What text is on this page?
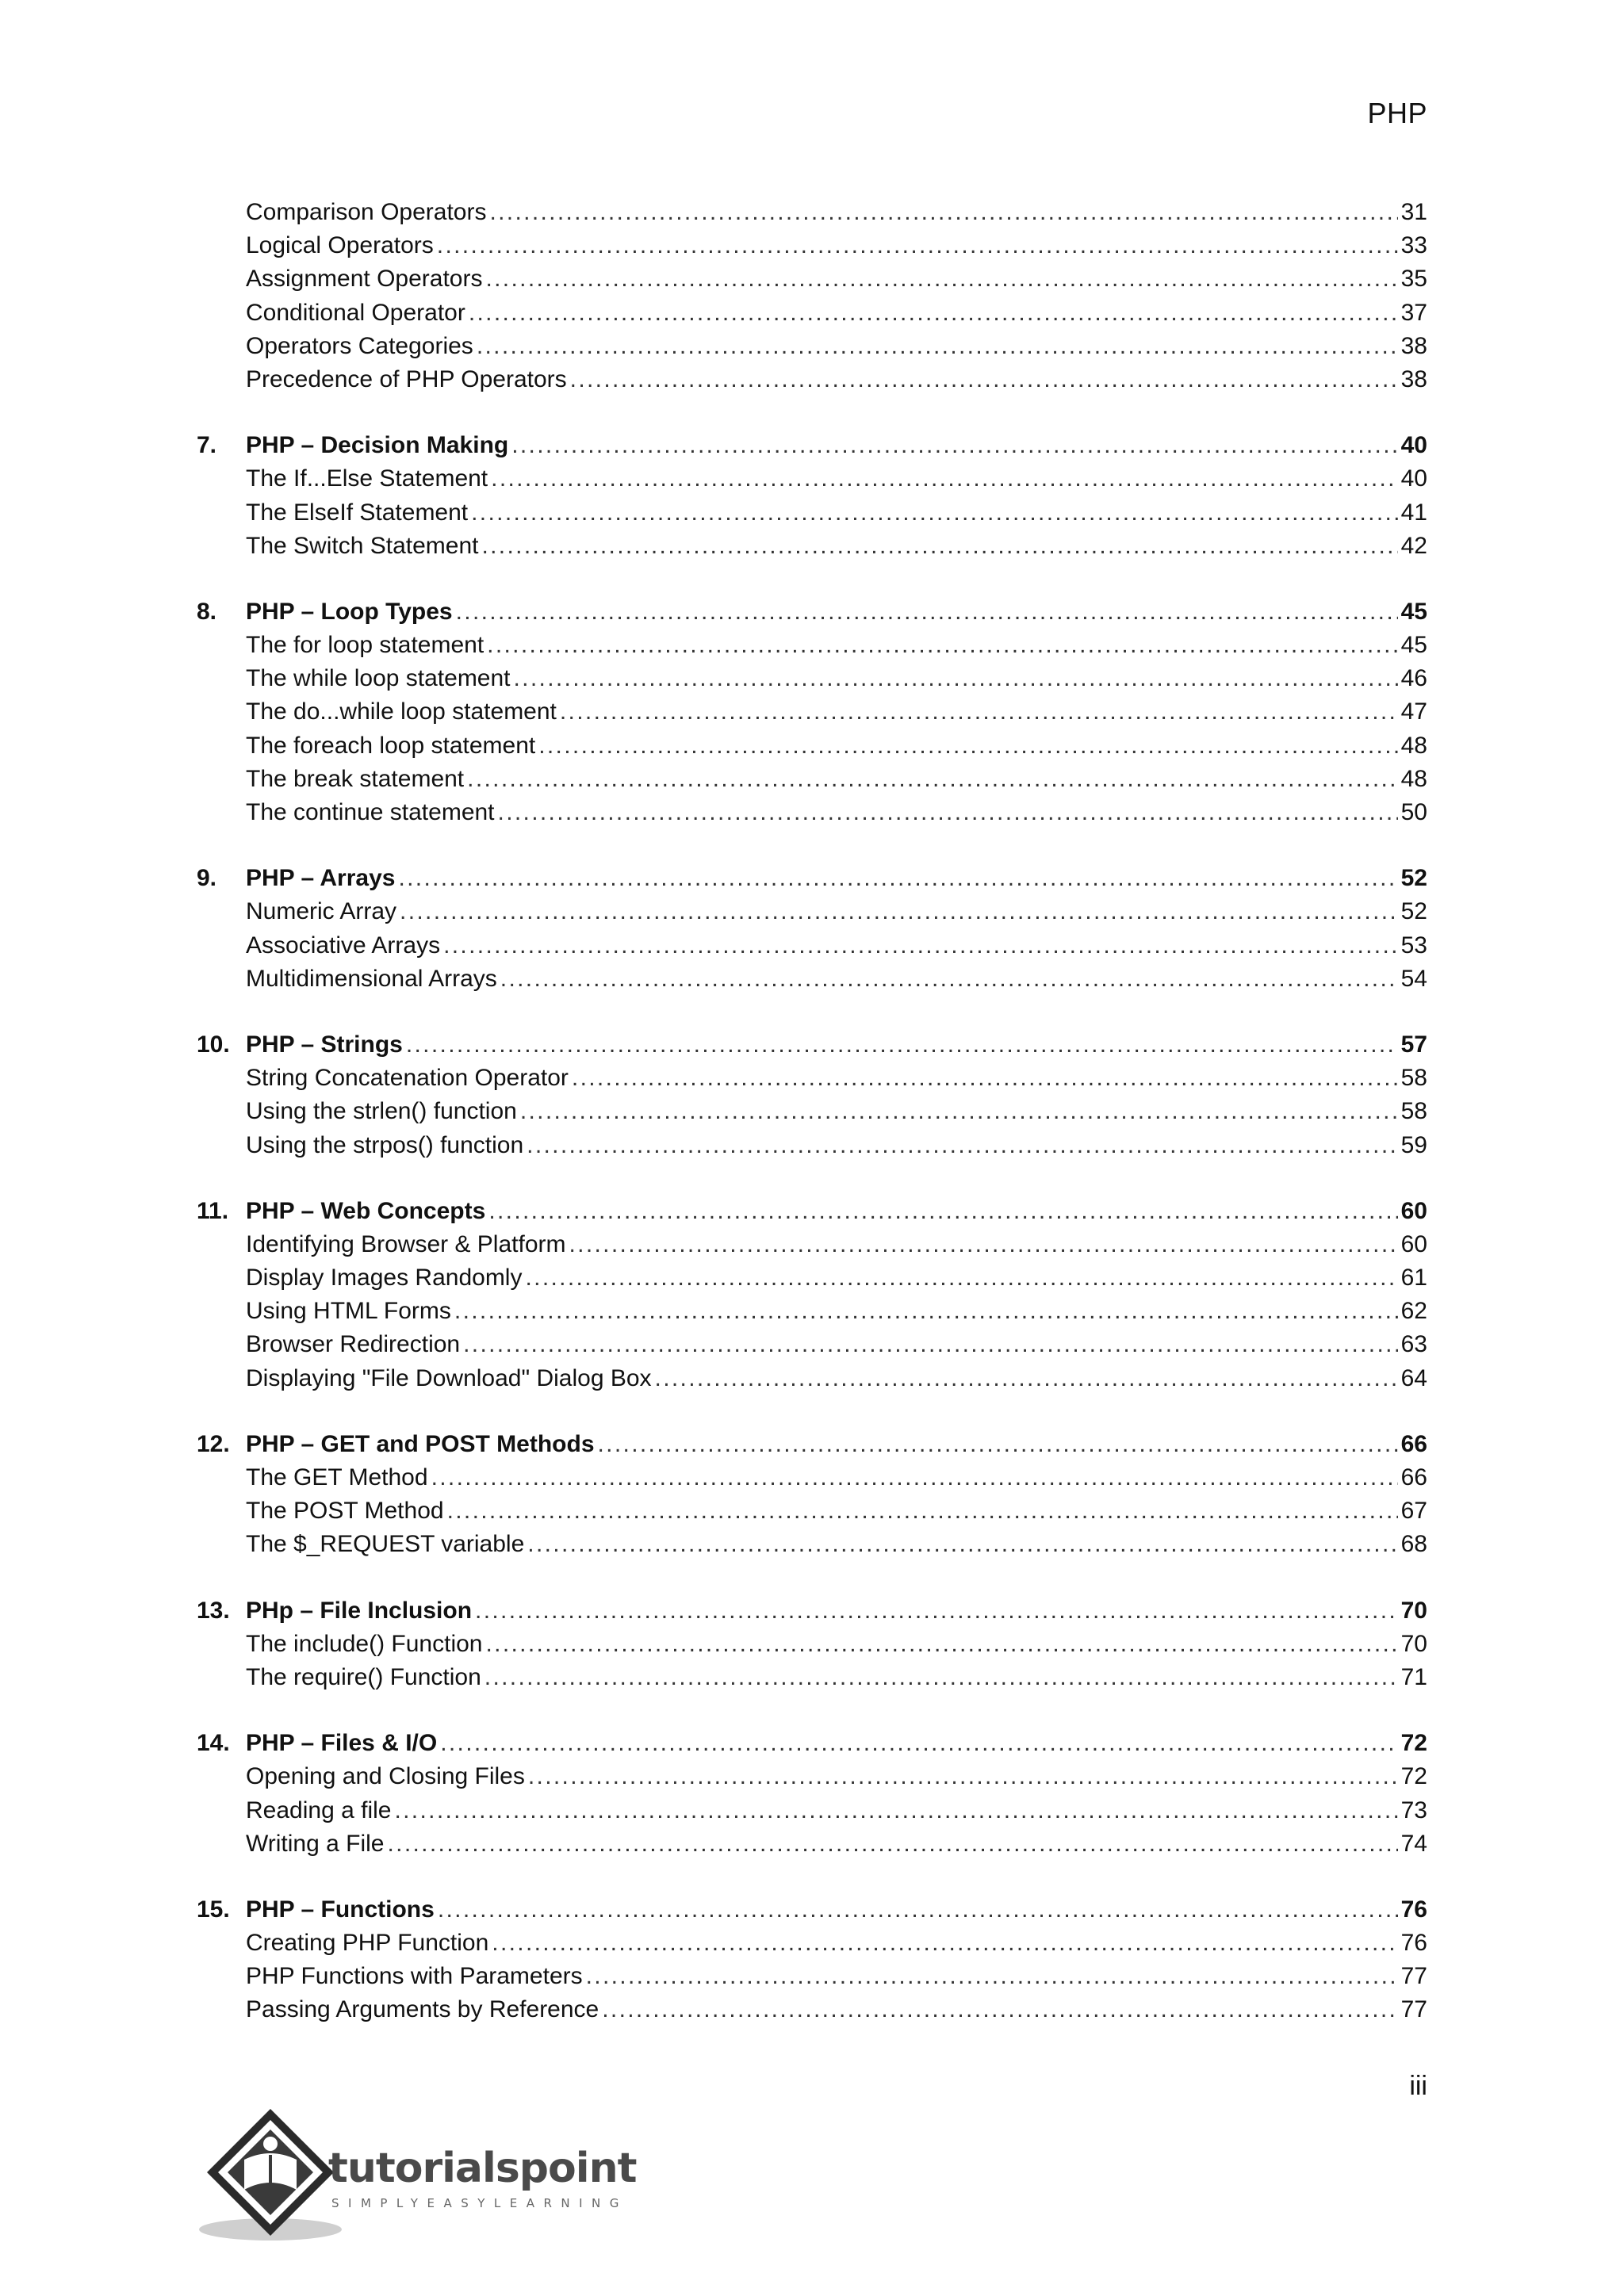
PHP
Comparison Operators . . .	31
Logical Operators . . .	33
Assignment Operators . . .	35
Conditional Operator . . .	37
Operators Categories . . .	38
Precedence of PHP Operators . . .	38
7.	PHP – Decision Making . . .	40
The If...Else Statement . . .	40
The ElseIf Statement . . .	41
The Switch Statement . . .	42
8.	PHP – Loop Types . . .	45
The for loop statement . . .	45
The while loop statement . . .	46
The do...while loop statement . . .	47
The foreach loop statement . . .	48
The break statement . . .	48
The continue statement . . .	50
9.	PHP – Arrays . . .	52
Numeric Array . . .	52
Associative Arrays . . .	53
Multidimensional Arrays . . .	54
10. PHP – Strings . . .	57
String Concatenation Operator . . .	58
Using the strlen() function . . .	58
Using the strpos() function . . .	59
11. PHP – Web Concepts . . .	60
Identifying Browser & Platform . . .	60
Display Images Randomly . . .	61
Using HTML Forms . . .	62
Browser Redirection . . .	63
Displaying "File Download" Dialog Box . . .	64
12. PHP – GET and POST Methods . . .	66
The GET Method . . .	66
The POST Method . . .	67
The $_REQUEST variable . . .	68
13. PHp – File Inclusion . . .	70
The include() Function . . .	70
The require() Function . . .	71
14. PHP – Files & I/O . . .	72
Opening and Closing Files . . .	72
Reading a file . . .	73
Writing a File . . .	74
15. PHP – Functions . . .	76
Creating PHP Function . . .	76
PHP Functions with Parameters . . .	77
Passing Arguments by Reference . . .	77
iii
tutorialspoint
SIMPLYEASYLEARNING
